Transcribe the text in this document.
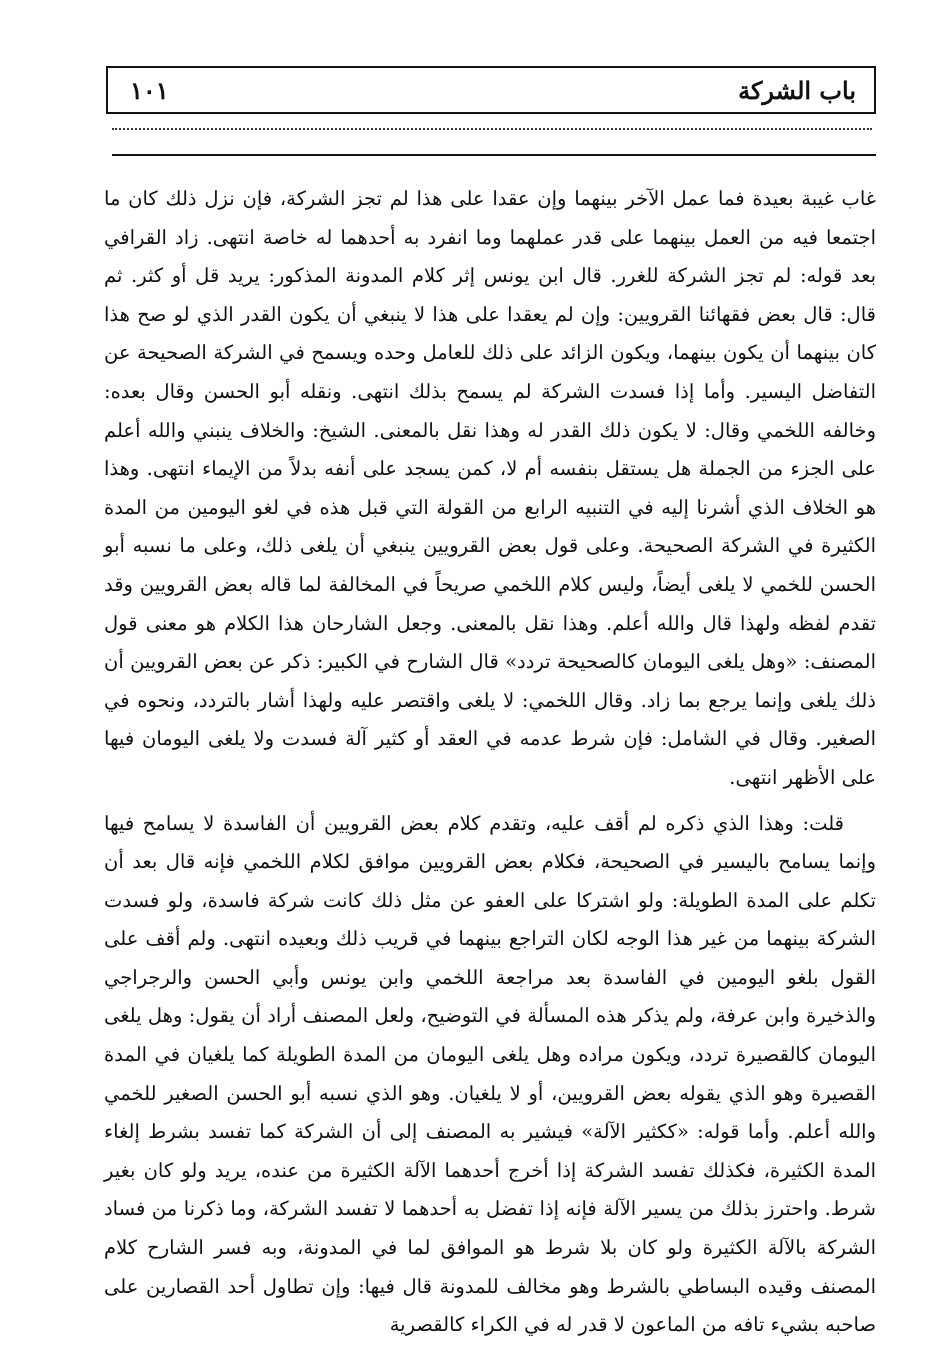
باب الشركة
١٠١

غاب غيبة بعيدة فما عمل الآخر بينهما وإن عقدا على هذا لم تجز الشركة، فإن نزل ذلك كان ما اجتمعا فيه من العمل بينهما على قدر عملهما وما انفرد به أحدهما له خاصة انتهى. زاد القرافي بعد قوله: لم تجز الشركة للغرر. قال ابن يونس إثر كلام المدونة المذكور: يريد قل أو كثر. ثم قال: قال بعض فقهائنا القرويين: وإن لم يعقدا على هذا لا ينبغي أن يكون القدر الذي لو صح هذا كان بينهما أن يكون بينهما، ويكون الزائد على ذلك للعامل وحده ويسمح في الشركة الصحيحة عن التفاضل اليسير. وأما إذا فسدت الشركة لم يسمح بذلك انتهى. ونقله أبو الحسن وقال بعده: وخالفه اللخمي وقال: لا يكون ذلك القدر له وهذا نقل بالمعنى. الشيخ: والخلاف ينبني والله أعلم على الجزء من الجملة هل يستقل بنفسه أم لا، كمن يسجد على أنفه بدلاً من الإيماء انتهى. وهذا هو الخلاف الذي أشرنا إليه في التنبيه الرابع من القولة التي قبل هذه في لغو اليومين من المدة الكثيرة في الشركة الصحيحة. وعلى قول بعض القرويين ينبغي أن يلغى ذلك، وعلى ما نسبه أبو الحسن للخمي لا يلغى أيضاً، وليس كلام اللخمي صريحاً في المخالفة لما قاله بعض القرويين وقد تقدم لفظه ولهذا قال والله أعلم. وهذا نقل بالمعنى. وجعل الشارحان هذا الكلام هو معنى قول المصنف: «وهل يلغى اليومان كالصحيحة تردد» قال الشارح في الكبير: ذكر عن بعض القرويين أن ذلك يلغى وإنما يرجع بما زاد. وقال اللخمي: لا يلغى واقتصر عليه ولهذا أشار بالتردد، ونحوه في الصغير. وقال في الشامل: فإن شرط عدمه في العقد أو كثير آلة فسدت ولا يلغى اليومان فيها على الأظهر انتهى.

قلت: وهذا الذي ذكره لم أقف عليه، وتقدم كلام بعض القرويين أن الفاسدة لا يسامح فيها وإنما يسامح باليسير في الصحيحة، فكلام بعض القرويين موافق لكلام اللخمي فإنه قال بعد أن تكلم على المدة الطويلة: ولو اشتركا على العفو عن مثل ذلك كانت شركة فاسدة، ولو فسدت الشركة بينهما من غير هذا الوجه لكان التراجع بينهما في قريب ذلك وبعيده انتهى. ولم أقف على القول بلغو اليومين في الفاسدة بعد مراجعة اللخمي وابن يونس وأبي الحسن والرجراجي والذخيرة وابن عرفة، ولم يذكر هذه المسألة في التوضيح، ولعل المصنف أراد أن يقول: وهل يلغى اليومان كالقصيرة تردد، ويكون مراده وهل يلغى اليومان من المدة الطويلة كما يلغيان في المدة القصيرة وهو الذي يقوله بعض القرويين، أو لا يلغيان. وهو الذي نسبه أبو الحسن الصغير للخمي والله أعلم. وأما قوله: «ككثير الآلة» فيشير به المصنف إلى أن الشركة كما تفسد بشرط إلغاء المدة الكثيرة، فكذلك تفسد الشركة إذا أخرج أحدهما الآلة الكثيرة من عنده، يريد ولو كان بغير شرط. واحترز بذلك من يسير الآلة فإنه إذا تفضل به أحدهما لا تفسد الشركة، وما ذكرنا من فساد الشركة بالآلة الكثيرة ولو كان بلا شرط هو الموافق لما في المدونة، وبه فسر الشارح كلام المصنف وقيده البساطي بالشرط وهو مخالف للمدونة قال فيها: وإن تطاول أحد القصارين على صاحبه بشيء تافه من الماعون لا قدر له في الكراء كالقصرية
